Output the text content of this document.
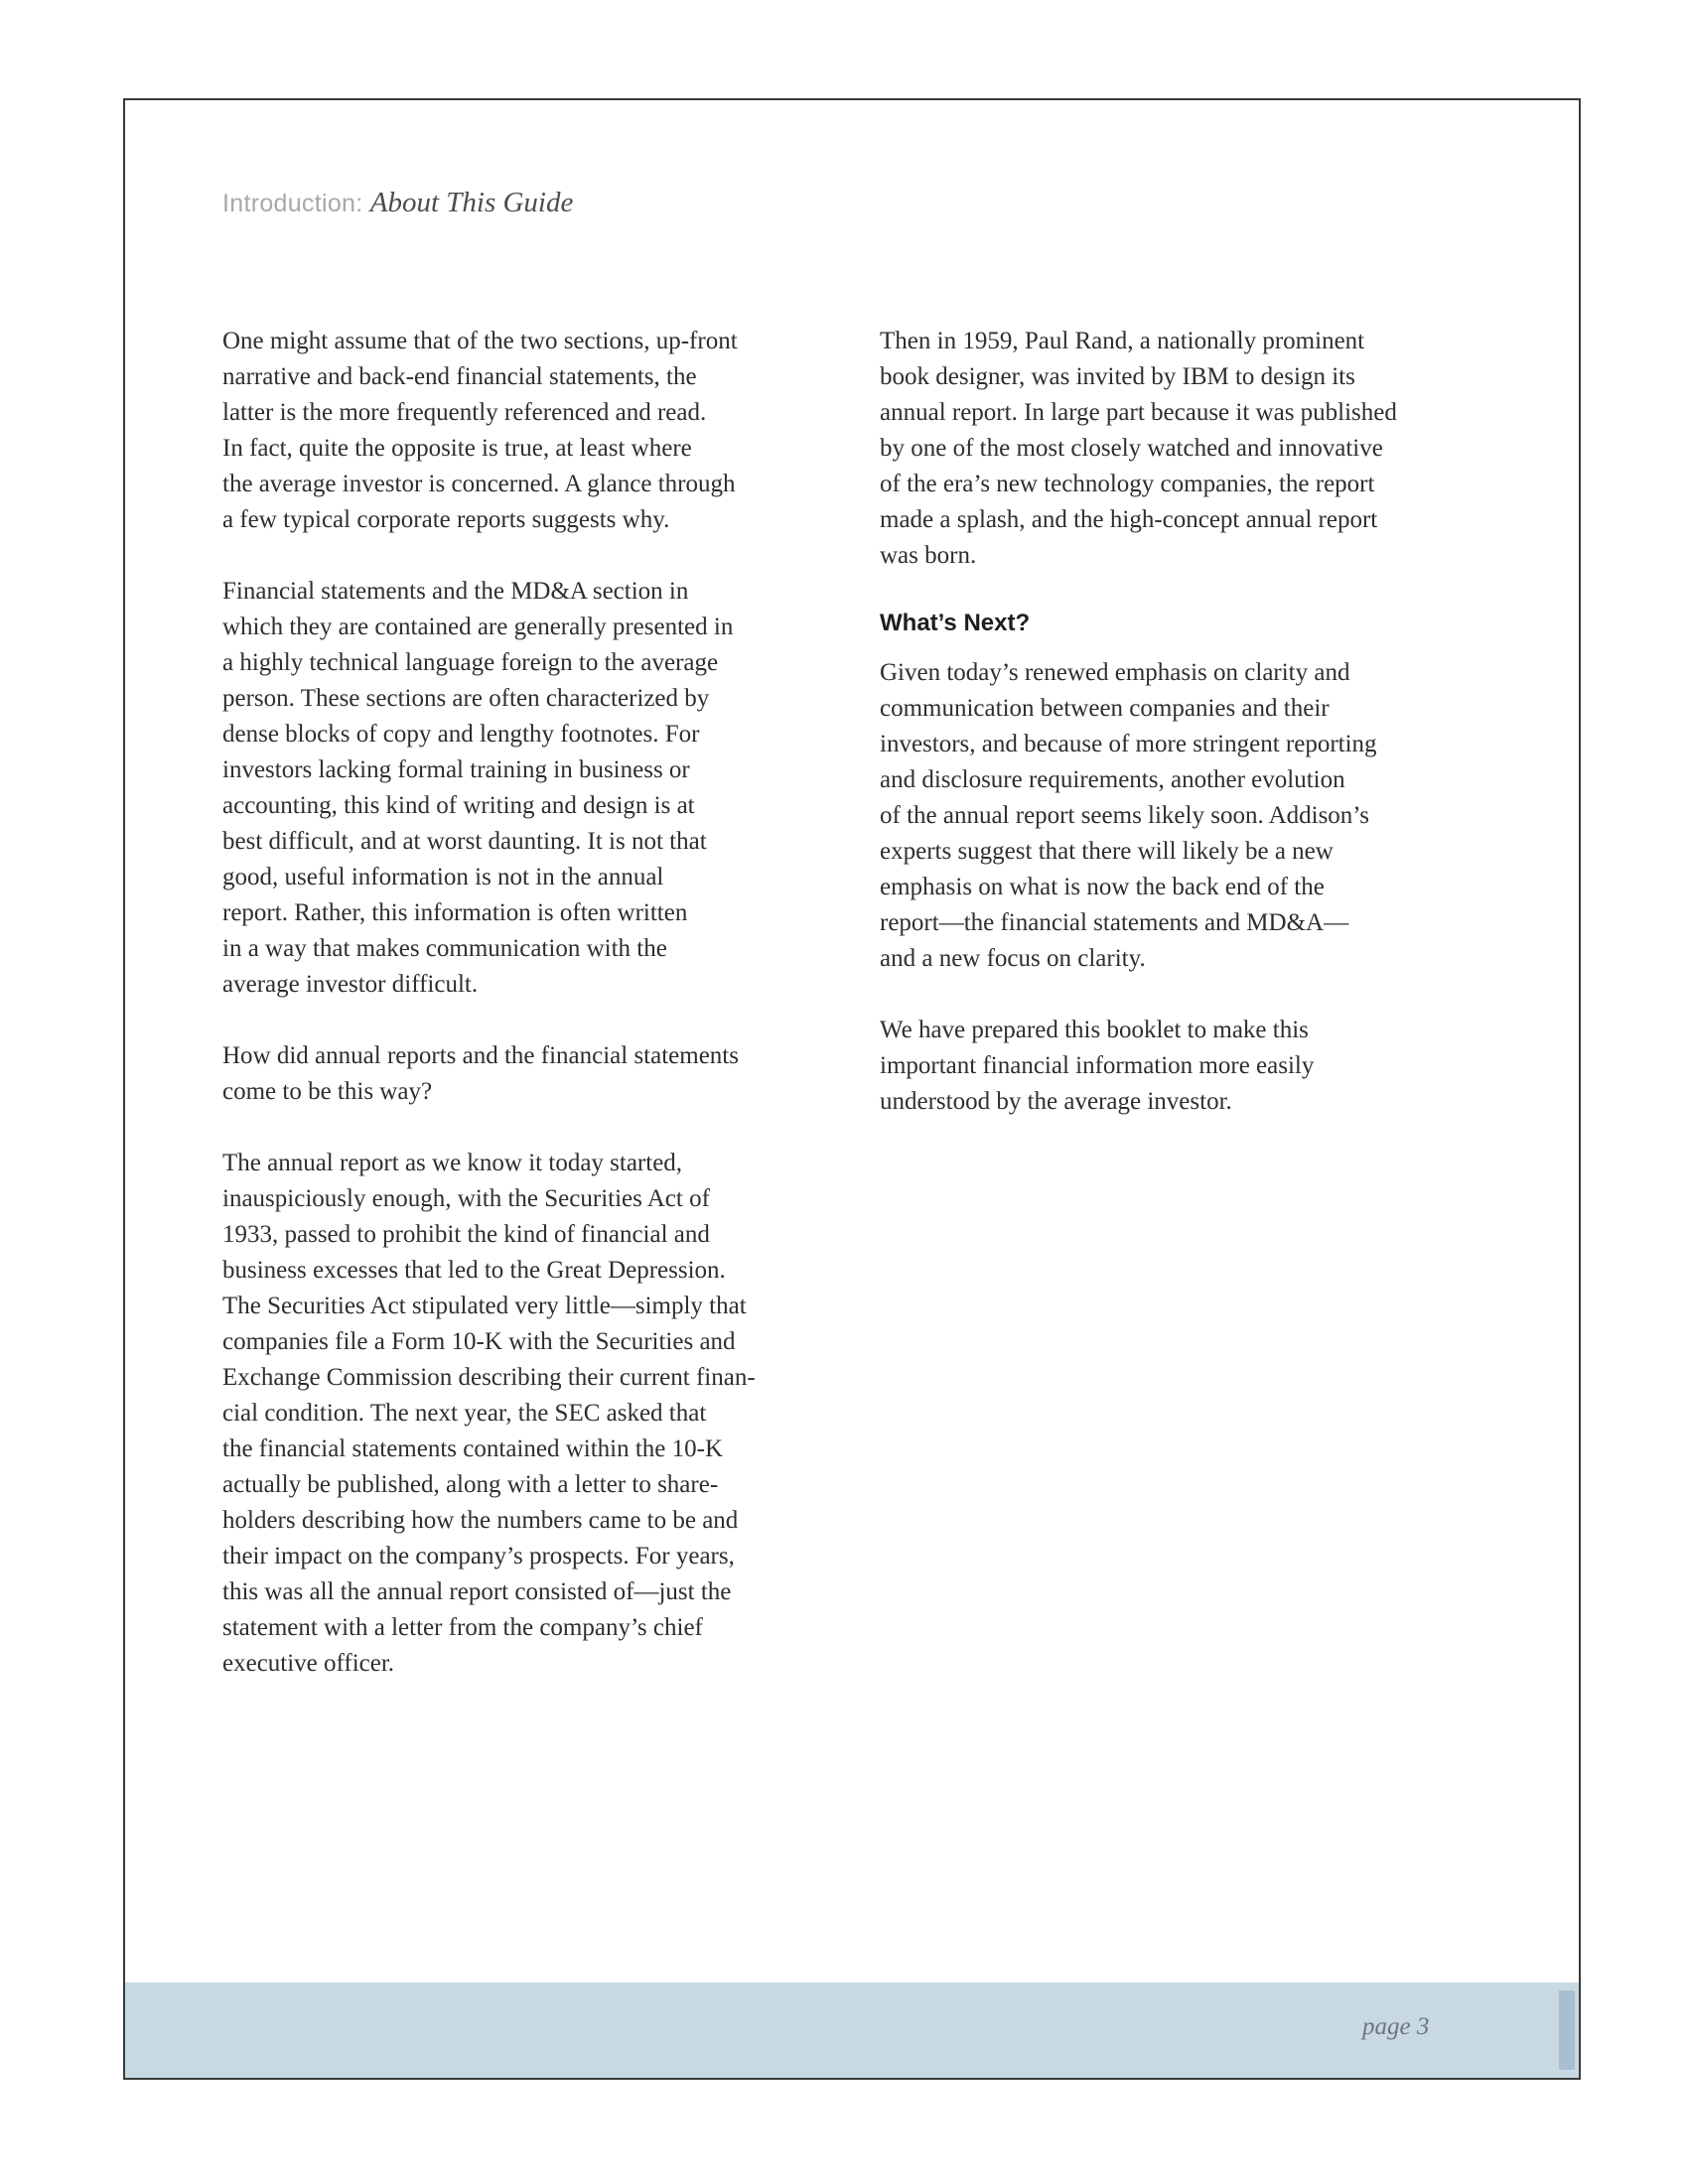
Introduction: About This Guide
One might assume that of the two sections, up-front
narrative and back-end financial statements, the
latter is the more frequently referenced and read.
In fact, quite the opposite is true, at least where
the average investor is concerned. A glance through
a few typical corporate reports suggests why.
Financial statements and the MD&A section in
which they are contained are generally presented in
a highly technical language foreign to the average
person. These sections are often characterized by
dense blocks of copy and lengthy footnotes. For
investors lacking formal training in business or
accounting, this kind of writing and design is at
best difficult, and at worst daunting. It is not that
good, useful information is not in the annual
report. Rather, this information is often written
in a way that makes communication with the
average investor difficult.
How did annual reports and the financial statements
come to be this way?
The annual report as we know it today started,
inauspiciously enough, with the Securities Act of
1933, passed to prohibit the kind of financial and
business excesses that led to the Great Depression.
The Securities Act stipulated very little—simply that
companies file a Form 10-K with the Securities and
Exchange Commission describing their current finan-
cial condition. The next year, the SEC asked that
the financial statements contained within the 10-K
actually be published, along with a letter to share-
holders describing how the numbers came to be and
their impact on the company’s prospects. For years,
this was all the annual report consisted of—just the
statement with a letter from the company’s chief
executive officer.
Then in 1959, Paul Rand, a nationally prominent
book designer, was invited by IBM to design its
annual report. In large part because it was published
by one of the most closely watched and innovative
of the era’s new technology companies, the report
made a splash, and the high-concept annual report
was born.
What’s Next?
Given today’s renewed emphasis on clarity and
communication between companies and their
investors, and because of more stringent reporting
and disclosure requirements, another evolution
of the annual report seems likely soon. Addison’s
experts suggest that there will likely be a new
emphasis on what is now the back end of the
report—the financial statements and MD&A—
and a new focus on clarity.
We have prepared this booklet to make this
important financial information more easily
understood by the average investor.
page 3
